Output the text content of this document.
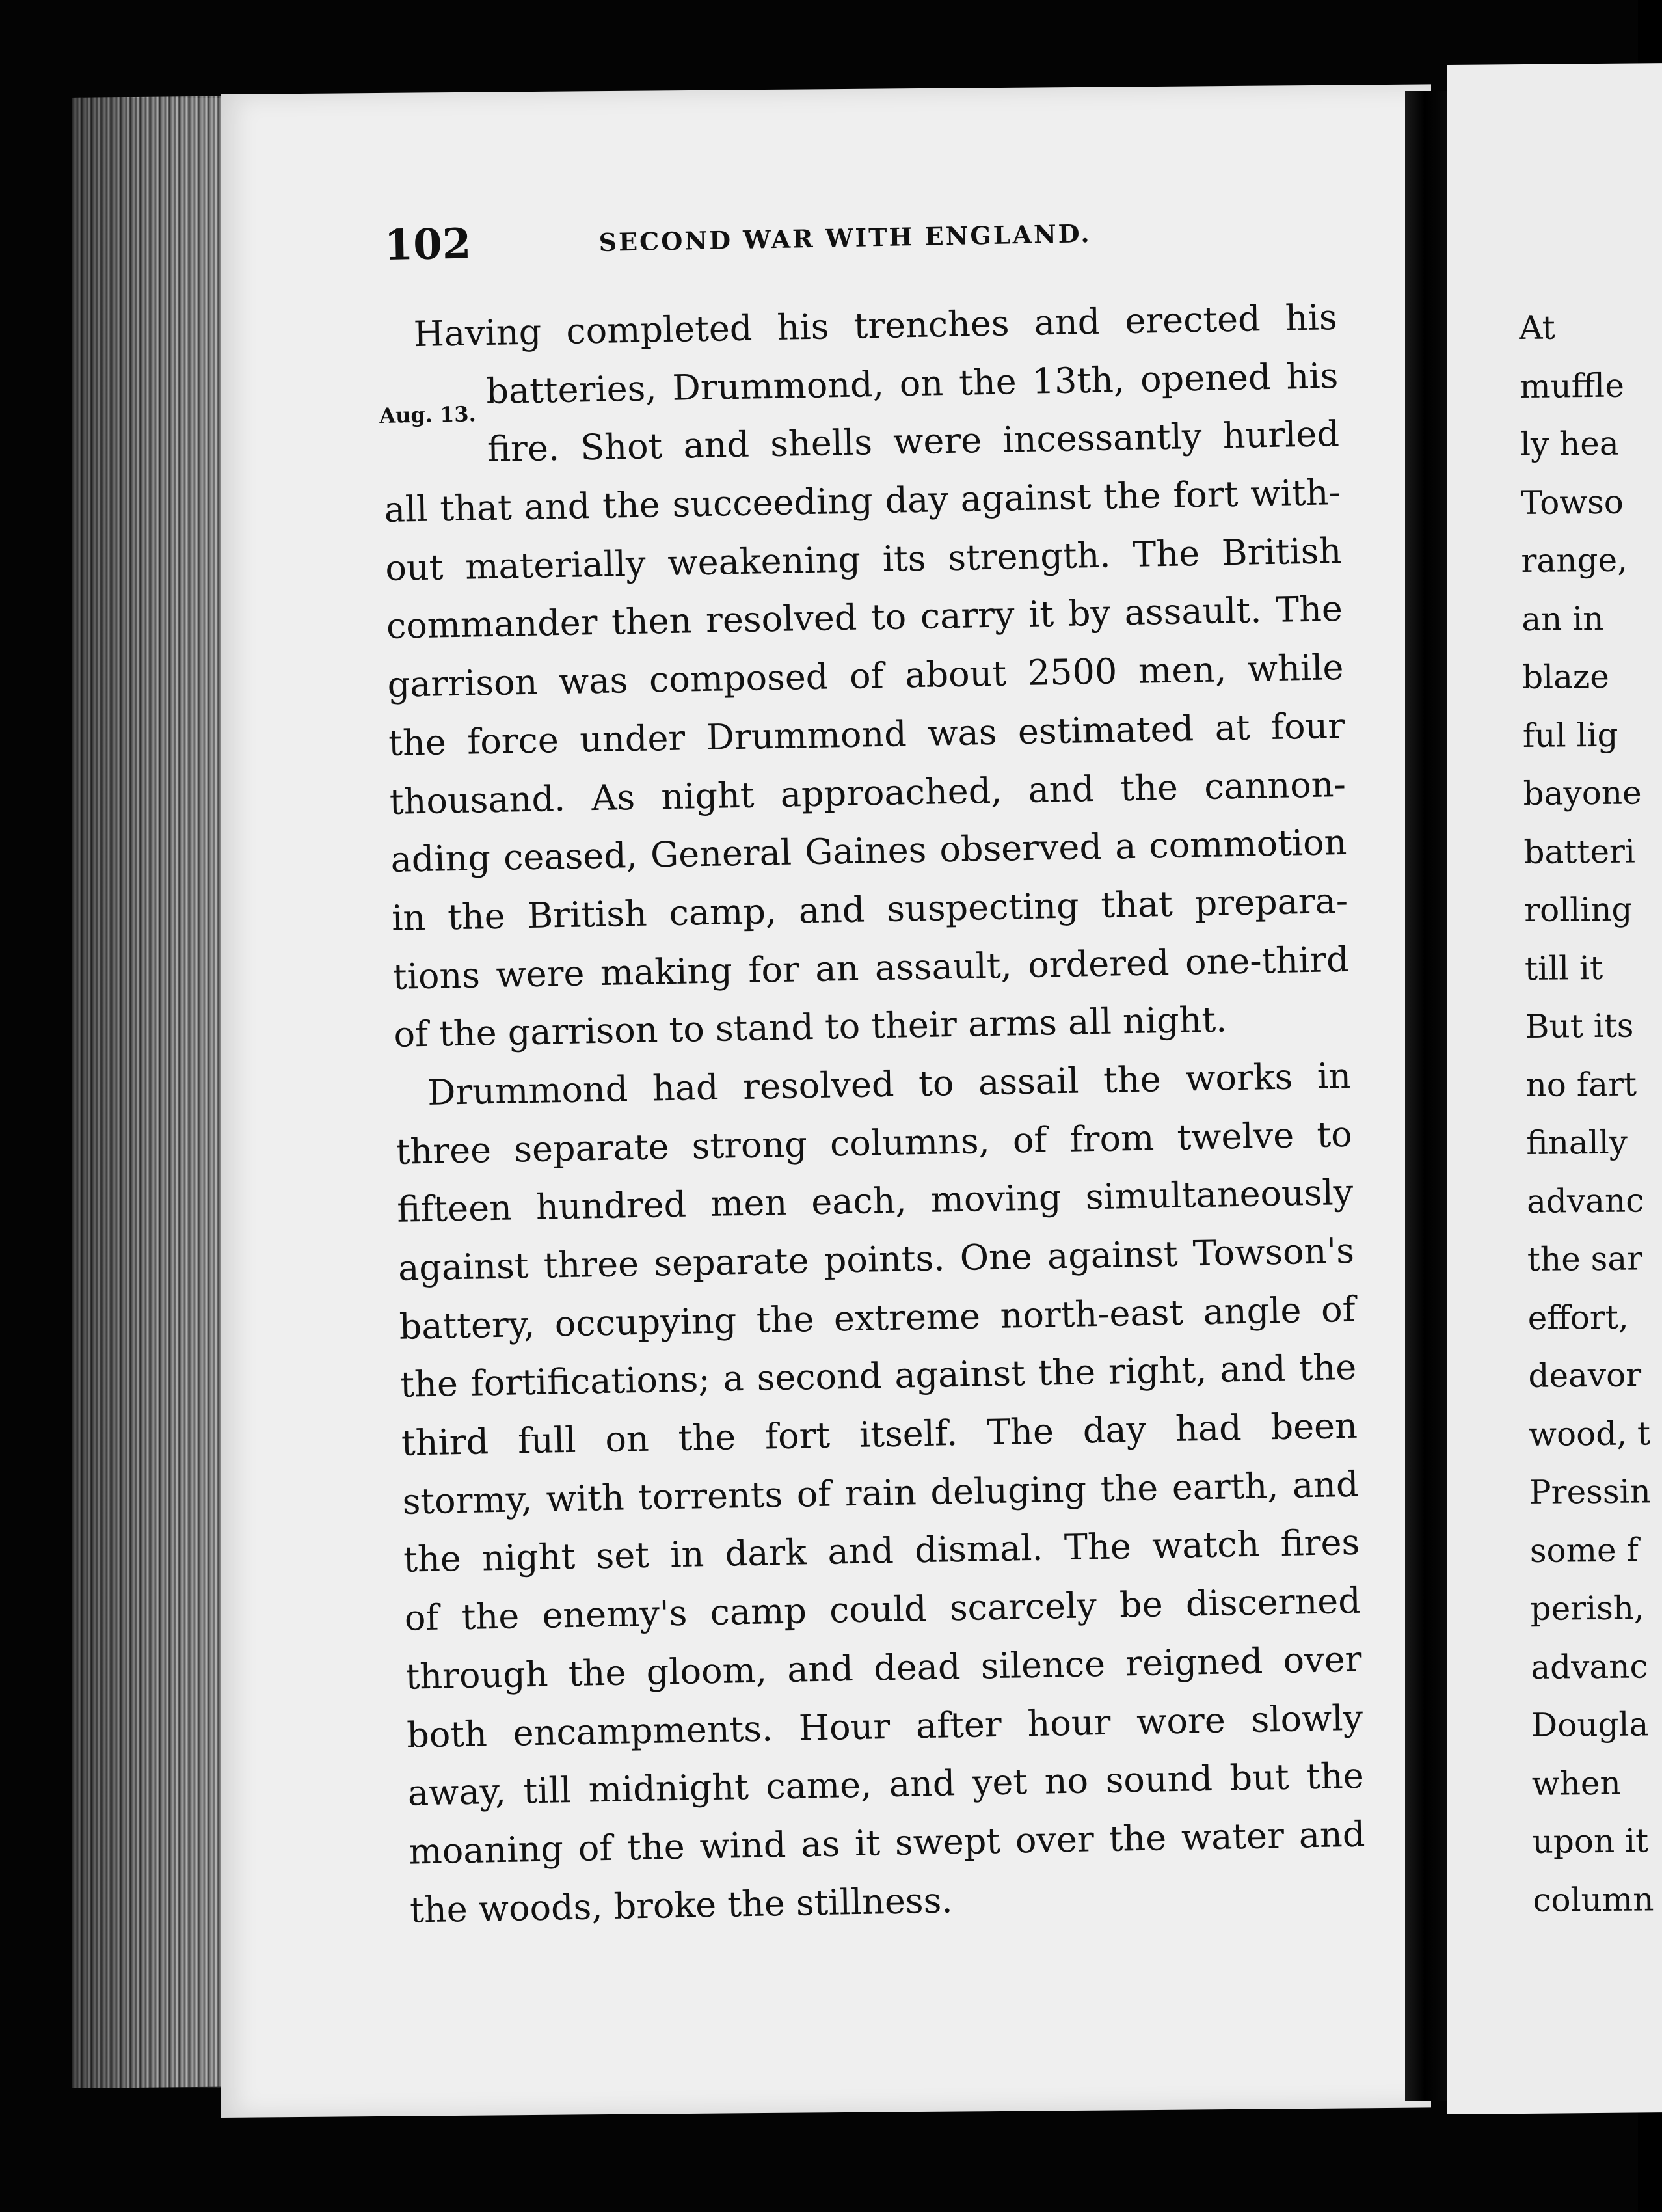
102	SECOND WAR WITH ENGLAND.
Aug. 13.
Having completed his trenches and erected his
batteries, Drummond, on the 13th, opened his
fire. Shot and shells were incessantly hurled
all that and the succeeding day against the fort with-
out materially weakening its strength. The British
commander then resolved to carry it by assault. The
garrison was composed of about 2500 men, while
the force under Drummond was estimated at four
thousand. As night approached, and the cannon-
ading ceased, General Gaines observed a commotion
in the British camp, and suspecting that prepara-
tions were making for an assault, ordered one-third
of the garrison to stand to their arms all night.
Drummond had resolved to assail the works in
three separate strong columns, of from twelve to
fifteen hundred men each, moving simultaneously
against three separate points. One against Towson's
battery, occupying the extreme north-east angle of
the fortifications; a second against the right, and the
third full on the fort itself. The day had been
stormy, with torrents of rain deluging the earth, and
the night set in dark and dismal. The watch fires
of the enemy's camp could scarcely be discerned
through the gloom, and dead silence reigned over
both encampments. Hour after hour wore slowly
away, till midnight came, and yet no sound but the
moaning of the wind as it swept over the water and
the woods, broke the stillness.
At
muffle
ly hea
Towso
range,
an in
blaze
ful lig
bayone
batteri
rolling
till it
But its
no fart
finally
advanc
the sar
effort,
deavor
wood, t
Pressin
some f
perish,
advanc
Dougla
when
upon it
column
